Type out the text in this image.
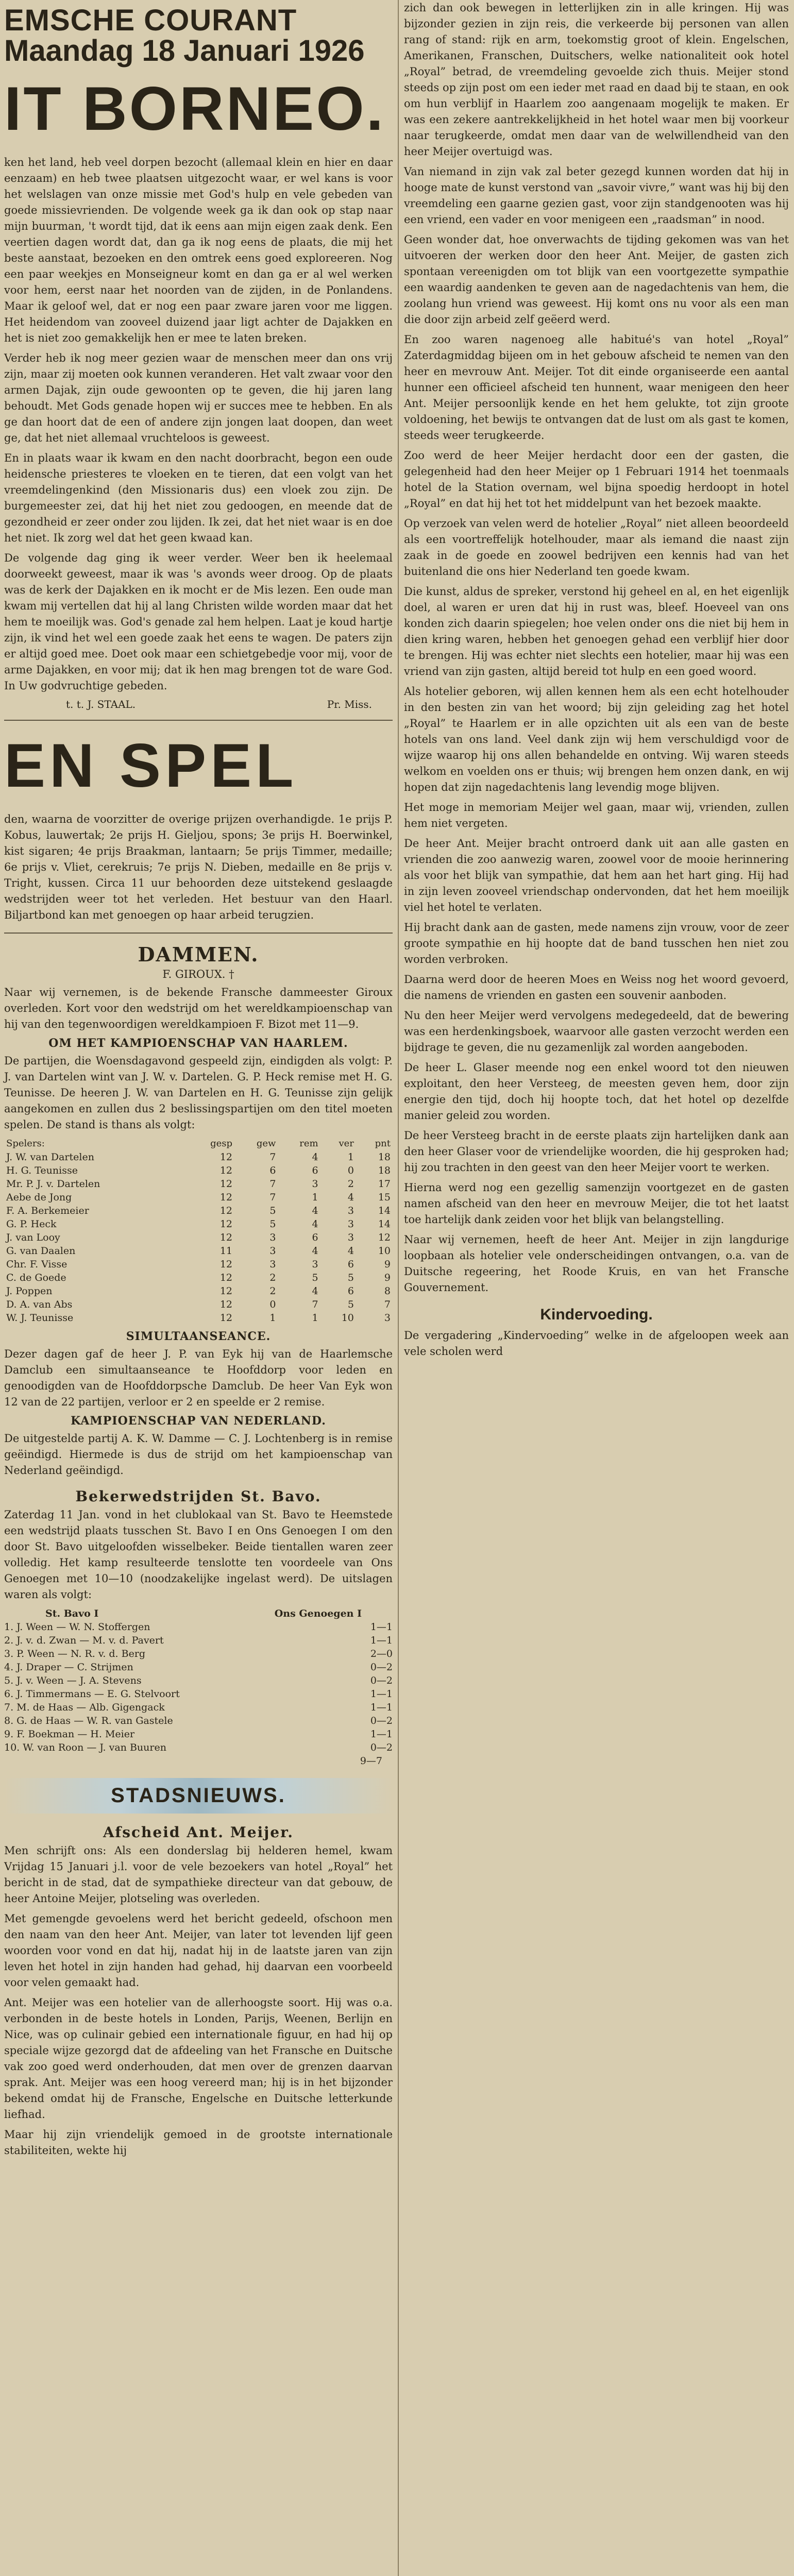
EMSCHE COURANT
Maandag 18 Januari 1926
IT BORNEO.

ken het land, heb veel dorpen bezocht (allemaal klein en hier en daar eenzaam) en heb twee plaatsen uitgezocht waar, er wel kans is voor het welslagen van onze missie met God's hulp en vele gebeden van goede missievrienden. De volgende week ga ik dan ook op stap naar mijn buurman, 't wordt tijd, dat ik eens aan mijn eigen zaak denk. Een veertien dagen wordt dat, dan ga ik nog eens de plaats, die mij het beste aanstaat, bezoeken en den omtrek eens goed exploreeren. Nog een paar weekjes en Monseigneur komt en dan ga er al wel werken voor hem, eerst naar het noorden van de zijden, in de Ponlandens. Maar ik geloof wel, dat er nog een paar zware jaren voor me liggen. Het heidendom van zooveel duizend jaar ligt achter de Dajakken en het is niet zoo gemakkelijk hen er mee te laten breken.

Verder heb ik nog meer gezien waar de menschen meer dan ons vrij zijn, maar zij moeten ook kunnen veranderen. Het valt zwaar voor den armen Dajak, zijn oude gewoonten op te geven, die hij jaren lang behoudt. Met Gods genade hopen wij er succes mee te hebben. En als ge dan hoort dat de een of andere zijn jongen laat doopen, dan weet ge, dat het niet allemaal vruchteloos is geweest.

En in plaats waar ik kwam en den nacht doorbracht, begon een oude heidensche priesteres te vloeken en te tieren, dat een volgt van het vreemdelingenkind (den Missionaris dus) een vloek zou zijn. De burgemeester zei, dat hij het niet zou gedoogen, en meende dat de gezondheid er zeer onder zou lijden. Ik zei, dat het niet waar is en doe het niet. Ik zorg wel dat het geen kwaad kan.

De volgende dag ging ik weer verder. Weer ben ik heelemaal doorweekt geweest, maar ik was 's avonds weer droog. Op de plaats was de kerk der Dajakken en ik mocht er de Mis lezen. Een oude man kwam mij vertellen dat hij al lang Christen wilde worden maar dat het hem te moeilijk was. God's genade zal hem helpen. Laat je koud hartje zijn, ik vind het wel een goede zaak het eens te wagen. De paters zijn er altijd goed mee. Doet ook maar een schietgebedje voor mij, voor de arme Dajakken, en voor mij; dat ik hen mag brengen tot de ware God. In Uw godvruchtige gebeden.

t. t. J. STAAL.	Pr. Miss.
EN SPEL

den, waarna de voorzitter de overige prijzen overhandigde. 1e prijs P. Kobus, lauwertak; 2e prijs H. Gieljou, spons; 3e prijs H. Boerwinkel, kist sigaren; 4e prijs Braakman, lantaarn; 5e prijs Timmer, medaille; 6e prijs v. Vliet, cerekruis; 7e prijs N. Dieben, medaille en 8e prijs v. Tright, kussen. Circa 11 uur behoorden deze uitstekend geslaagde wedstrijden weer tot het verleden. Het bestuur van den Haarl. Biljartbond kan met genoegen op haar arbeid terugzien.

DAMMEN.
F. GIROUX. †

Naar wij vernemen, is de bekende Fransche dammeester Giroux overleden. Kort voor den wedstrijd om het wereldkampioenschap van hij van den tegenwoordigen wereldkampioen F. Bizot met 11—9.

OM HET KAMPIOENSCHAP VAN HAARLEM.

De partijen, die Woensdagavond gespeeld zijn, eindigden als volgt: P. J. van Dartelen wint van J. W. v. Dartelen. G. P. Heck remise met H. G. Teunisse. De heeren J. W. van Dartelen en H. G. Teunisse zijn gelijk aangekomen en zullen dus 2 beslissingspartijen om den titel moeten spelen. De stand is thans als volgt:

Spelers:	gesp	gew	rem	ver	pnt
J. W. van Dartelen	12	7	4	1	18
H. G. Teunisse	12	6	6	0	18
Mr. P. J. v. Dartelen	12	7	3	2	17
Aebe de Jong	12	7	1	4	15
F. A. Berkemeier	12	5	4	3	14
G. P. Heck	12	5	4	3	14
J. van Looy	12	3	6	3	12
G. van Daalen	11	3	4	4	10
Chr. F. Visse	12	3	3	6	9
C. de Goede	12	2	5	5	9
J. Poppen	12	2	4	6	8
D. A. van Abs	12	0	7	5	7
W. J. Teunisse	12	1	1	10	3
SIMULTAANSEANCE.

Dezer dagen gaf de heer J. P. van Eyk hij van de Haarlemsche Damclub een simultaanseance te Hoofddorp voor leden en genoodigden van de Hoofddorpsche Damclub. De heer Van Eyk won 12 van de 22 partijen, verloor er 2 en speelde er 2 remise.

KAMPIOENSCHAP VAN NEDERLAND.

De uitgestelde partij A. K. W. Damme — C. J. Lochtenberg is in remise geëindigd. Hiermede is dus de strijd om het kampioenschap van Nederland geëindigd.

Bekerwedstrijden St. Bavo.

Zaterdag 11 Jan. vond in het clublokaal van St. Bavo te Heemstede een wedstrijd plaats tusschen St. Bavo I en Ons Genoegen I om den door St. Bavo uitgeloofden wisselbeker. Beide tientallen waren zeer volledig. Het kamp resulteerde tenslotte ten voordeele van Ons Genoegen met 10—10 (noodzakelijke ingelast werd). De uitslagen waren als volgt:

St. Bavo I	Ons Genoegen I
1. J. Ween — W. N. Stoffergen	1—1
2. J. v. d. Zwan — M. v. d. Pavert	1—1
3. P. Ween — N. R. v. d. Berg	2—0
4. J. Draper — C. Strijmen	0—2
5. J. v. Ween — J. A. Stevens	0—2
6. J. Timmermans — E. G. Stelvoort	1—1
7. M. de Haas — Alb. Gigengack	1—1
8. G. de Haas — W. R. van Gastele	0—2
9. F. Boekman — H. Meier	1—1
10. W. van Roon — J. van Buuren	0—2
9—7
STADSNIEUWS.
Afscheid Ant. Meijer.

Men schrijft ons: Als een donderslag bij helderen hemel, kwam Vrijdag 15 Januari j.l. voor de vele bezoekers van hotel „Royal” het bericht in de stad, dat de sympathieke directeur van dat gebouw, de heer Antoine Meijer, plotseling was overleden.

Met gemengde gevoelens werd het bericht gedeeld, ofschoon men den naam van den heer Ant. Meijer, van later tot levenden lijf geen woorden voor vond en dat hij, nadat hij in de laatste jaren van zijn leven het hotel in zijn handen had gehad, hij daarvan een voorbeeld voor velen gemaakt had.

Ant. Meijer was een hotelier van de allerhoogste soort. Hij was o.a. verbonden in de beste hotels in Londen, Parijs, Weenen, Berlijn en Nice, was op culinair gebied een internationale figuur, en had hij op speciale wijze gezorgd dat de afdeeling van het Fransche en Duitsche vak zoo goed werd onderhouden, dat men over de grenzen daarvan sprak. Ant. Meijer was een hoog vereerd man; hij is in het bijzonder bekend omdat hij de Fransche, Engelsche en Duitsche letterkunde liefhad.

Maar hij zijn vriendelijk gemoed in de grootste internationale stabiliteiten, wekte hij

zich dan ook bewegen in letterlijken zin in alle kringen. Hij was bijzonder gezien in zijn reis, die verkeerde bij personen van allen rang of stand: rijk en arm, toekomstig groot of klein. Engelschen, Amerikanen, Franschen, Duitschers, welke nationaliteit ook hotel „Royal” betrad, de vreemdeling gevoelde zich thuis. Meijer stond steeds op zijn post om een ieder met raad en daad bij te staan, en ook om hun verblijf in Haarlem zoo aangenaam mogelijk te maken. Er was een zekere aantrekkelijkheid in het hotel waar men bij voorkeur naar terugkeerde, omdat men daar van de welwillendheid van den heer Meijer overtuigd was.

Van niemand in zijn vak zal beter gezegd kunnen worden dat hij in hooge mate de kunst verstond van „savoir vivre,” want was hij bij den vreemdeling een gaarne gezien gast, voor zijn standgenooten was hij een vriend, een vader en voor menigeen een „raadsman” in nood.

Geen wonder dat, hoe onverwachts de tijding gekomen was van het uitvoeren der werken door den heer Ant. Meijer, de gasten zich spontaan vereenigden om tot blijk van een voortgezette sympathie een waardig aandenken te geven aan de nagedachtenis van hem, die zoolang hun vriend was geweest. Hij komt ons nu voor als een man die door zijn arbeid zelf geëerd werd.

En zoo waren nagenoeg alle habitué's van hotel „Royal” Zaterdagmiddag bijeen om in het gebouw afscheid te nemen van den heer en mevrouw Ant. Meijer. Tot dit einde organiseerde een aantal hunner een officieel afscheid ten hunnent, waar menigeen den heer Ant. Meijer persoonlijk kende en het hem gelukte, tot zijn groote voldoening, het bewijs te ontvangen dat de lust om als gast te komen, steeds weer terugkeerde.

Zoo werd de heer Meijer herdacht door een der gasten, die gelegenheid had den heer Meijer op 1 Februari 1914 het toenmaals hotel de la Station overnam, wel bijna spoedig herdoopt in hotel „Royal” en dat hij het tot het middelpunt van het bezoek maakte.

Op verzoek van velen werd de hotelier „Royal” niet alleen beoordeeld als een voortreffelijk hotelhouder, maar als iemand die naast zijn zaak in de goede en zoowel bedrijven een kennis had van het buitenland die ons hier Nederland ten goede kwam.

Die kunst, aldus de spreker, verstond hij geheel en al, en het eigenlijk doel, al waren er uren dat hij in rust was, bleef. Hoeveel van ons konden zich daarin spiegelen; hoe velen onder ons die niet bij hem in dien kring waren, hebben het genoegen gehad een verblijf hier door te brengen. Hij was echter niet slechts een hotelier, maar hij was een vriend van zijn gasten, altijd bereid tot hulp en een goed woord.

Als hotelier geboren, wij allen kennen hem als een echt hotelhouder in den besten zin van het woord; bij zijn geleiding zag het hotel „Royal” te Haarlem er in alle opzichten uit als een van de beste hotels van ons land. Veel dank zijn wij hem verschuldigd voor de wijze waarop hij ons allen behandelde en ontving. Wij waren steeds welkom en voelden ons er thuis; wij brengen hem onzen dank, en wij hopen dat zijn nagedachtenis lang levendig moge blijven.

Het moge in memoriam Meijer wel gaan, maar wij, vrienden, zullen hem niet vergeten.

De heer Ant. Meijer bracht ontroerd dank uit aan alle gasten en vrienden die zoo aanwezig waren, zoowel voor de mooie herinnering als voor het blijk van sympathie, dat hem aan het hart ging. Hij had in zijn leven zooveel vriendschap ondervonden, dat het hem moeilijk viel het hotel te verlaten.

Hij bracht dank aan de gasten, mede namens zijn vrouw, voor de zeer groote sympathie en hij hoopte dat de band tusschen hen niet zou worden verbroken.

Daarna werd door de heeren Moes en Weiss nog het woord gevoerd, die namens de vrienden en gasten een souvenir aanboden.

Nu den heer Meijer werd vervolgens medegedeeld, dat de bewering was een herdenkingsboek, waarvoor alle gasten verzocht werden een bijdrage te geven, die nu gezamenlijk zal worden aangeboden.

De heer L. Glaser meende nog een enkel woord tot den nieuwen exploitant, den heer Versteeg, de meesten geven hem, door zijn energie den tijd, doch hij hoopte toch, dat het hotel op dezelfde manier geleid zou worden.

De heer Versteeg bracht in de eerste plaats zijn hartelijken dank aan den heer Glaser voor de vriendelijke woorden, die hij gesproken had; hij zou trachten in den geest van den heer Meijer voort te werken.

Hierna werd nog een gezellig samenzijn voortgezet en de gasten namen afscheid van den heer en mevrouw Meijer, die tot het laatst toe hartelijk dank zeiden voor het blijk van belangstelling.

Naar wij vernemen, heeft de heer Ant. Meijer in zijn langdurige loopbaan als hotelier vele onderscheidingen ontvangen, o.a. van de Duitsche regeering, het Roode Kruis, en van het Fransche Gouvernement.

Kindervoeding.

De vergadering „Kindervoeding” welke in de afgeloopen week aan vele scholen werd
